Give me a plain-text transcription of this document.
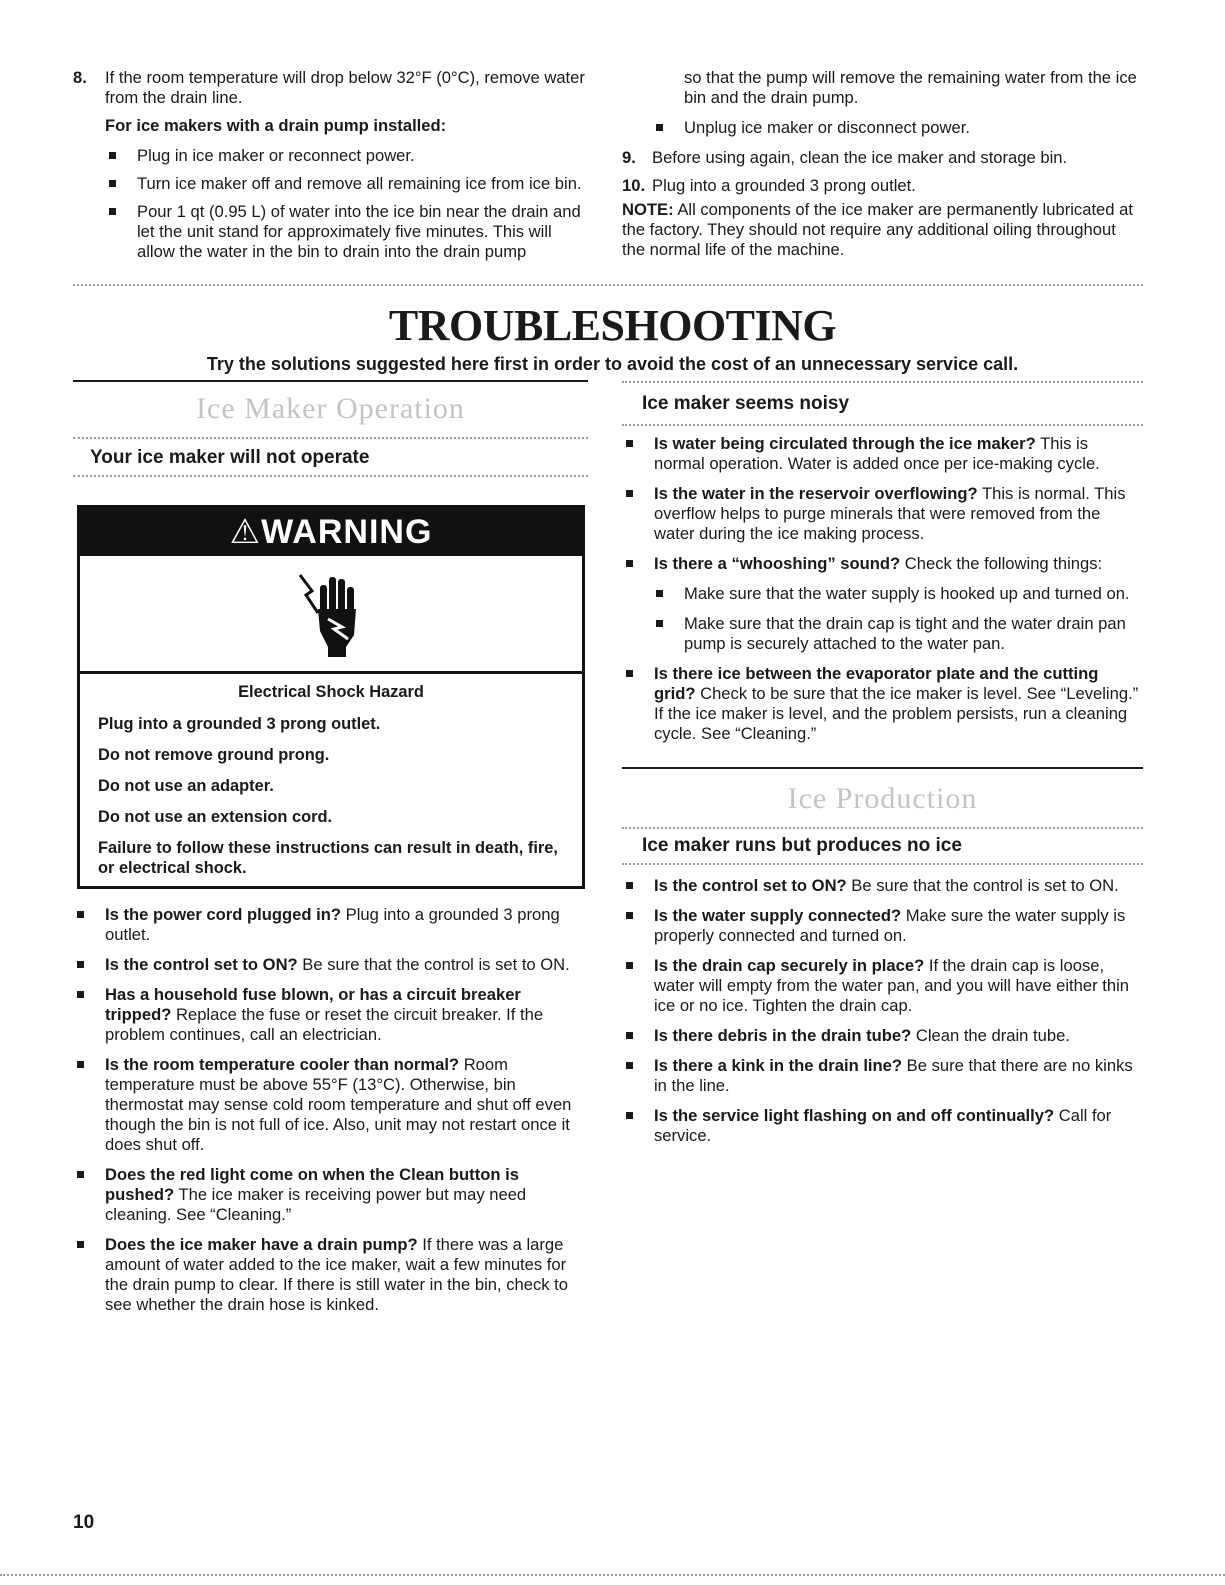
8. If the room temperature will drop below 32°F (0°C), remove water from the drain line.
For ice makers with a drain pump installed:
Plug in ice maker or reconnect power.
Turn ice maker off and remove all remaining ice from ice bin.
Pour 1 qt (0.95 L) of water into the ice bin near the drain and let the unit stand for approximately five minutes. This will allow the water in the bin to drain into the drain pump
so that the pump will remove the remaining water from the ice bin and the drain pump.
Unplug ice maker or disconnect power.
9. Before using again, clean the ice maker and storage bin.
10. Plug into a grounded 3 prong outlet.
NOTE: All components of the ice maker are permanently lubricated at the factory. They should not require any additional oiling throughout the normal life of the machine.
TROUBLESHOOTING
Try the solutions suggested here first in order to avoid the cost of an unnecessary service call.
Ice Maker Operation
Your ice maker will not operate
⚠WARNING
Electrical Shock Hazard
Plug into a grounded 3 prong outlet.
Do not remove ground prong.
Do not use an adapter.
Do not use an extension cord.
Failure to follow these instructions can result in death, fire, or electrical shock.
Is the power cord plugged in? Plug into a grounded 3 prong outlet.
Is the control set to ON? Be sure that the control is set to ON.
Has a household fuse blown, or has a circuit breaker tripped? Replace the fuse or reset the circuit breaker. If the problem continues, call an electrician.
Is the room temperature cooler than normal? Room temperature must be above 55°F (13°C). Otherwise, bin thermostat may sense cold room temperature and shut off even though the bin is not full of ice. Also, unit may not restart once it does shut off.
Does the red light come on when the Clean button is pushed? The ice maker is receiving power but may need cleaning. See “Cleaning.”
Does the ice maker have a drain pump? If there was a large amount of water added to the ice maker, wait a few minutes for the drain pump to clear. If there is still water in the bin, check to see whether the drain hose is kinked.
Ice maker seems noisy
Is water being circulated through the ice maker? This is normal operation. Water is added once per ice-making cycle.
Is the water in the reservoir overflowing? This is normal. This overflow helps to purge minerals that were removed from the water during the ice making process.
Is there a “whooshing” sound? Check the following things:
Make sure that the water supply is hooked up and turned on.
Make sure that the drain cap is tight and the water drain pan pump is securely attached to the water pan.
Is there ice between the evaporator plate and the cutting grid? Check to be sure that the ice maker is level. See “Leveling.” If the ice maker is level, and the problem persists, run a cleaning cycle. See “Cleaning.”
Ice Production
Ice maker runs but produces no ice
Is the control set to ON? Be sure that the control is set to ON.
Is the water supply connected? Make sure the water supply is properly connected and turned on.
Is the drain cap securely in place? If the drain cap is loose, water will empty from the water pan, and you will have either thin ice or no ice. Tighten the drain cap.
Is there debris in the drain tube? Clean the drain tube.
Is there a kink in the drain line? Be sure that there are no kinks in the line.
Is the service light flashing on and off continually? Call for service.
10
